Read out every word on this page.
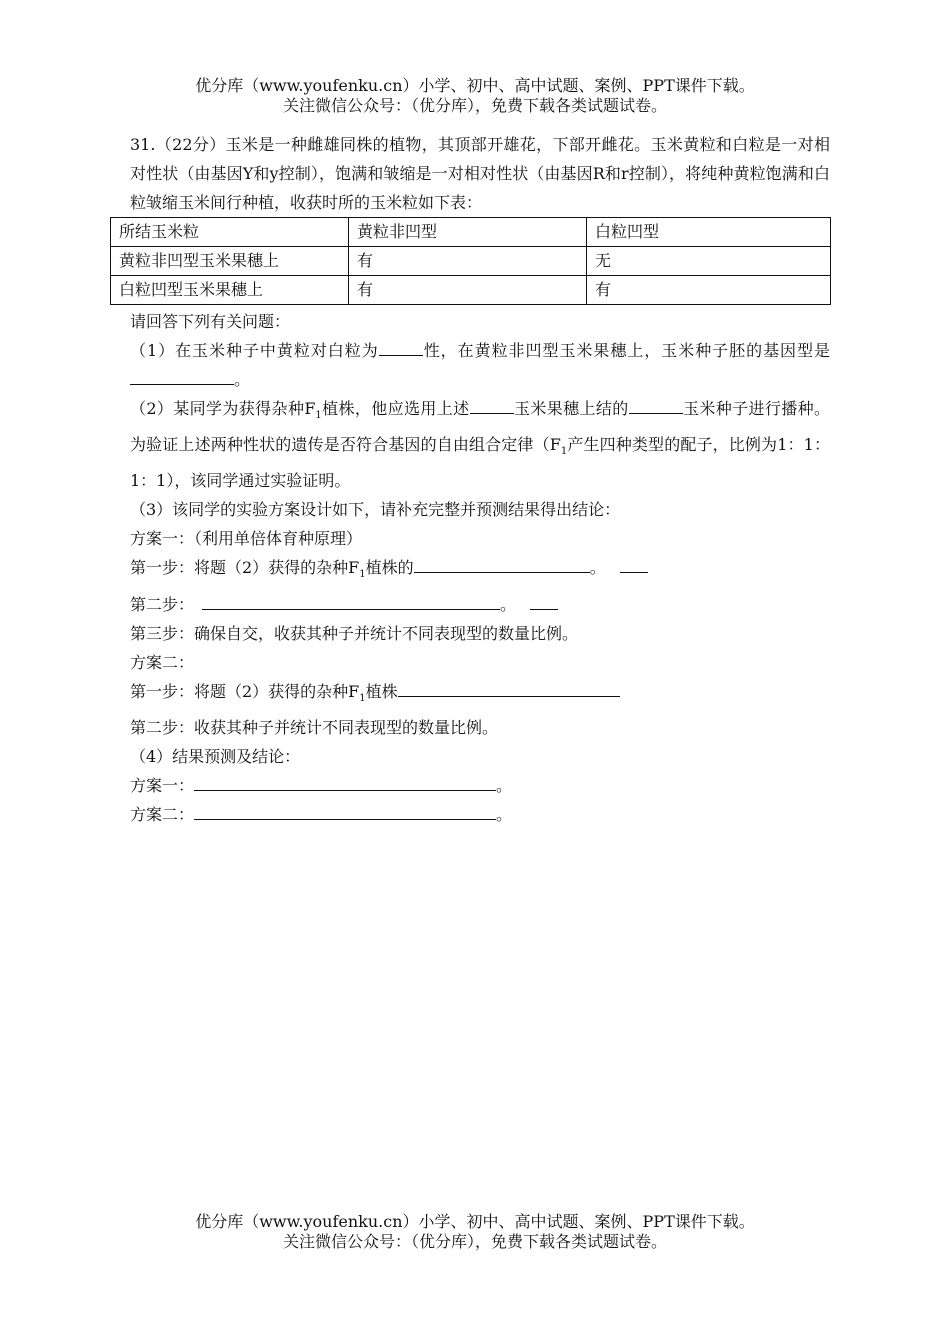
优分库（www.youfenku.cn）小学、初中、高中试题、案例、PPT课件下载。
关注微信公众号：（优分库），免费下载各类试题试卷。

31.（22分）玉米是一种雌雄同株的植物，其顶部开雄花，下部开雌花。玉米黄粒和白粒是一对相对性状（由基因Y和y控制），饱满和皱缩是一对相对性状（由基因R和r控制），将纯种黄粒饱满和白粒皱缩玉米间行种植，收获时所的玉米粒如下表：

所结玉米粒	黄粒非凹型	白粒凹型
黄粒非凹型玉米果穗上	有	无
白粒凹型玉米果穗上	有	有

请回答下列有关问题：

（1）在玉米种子中黄粒对白粒为	性，在黄粒非凹型玉米果穗上，玉米种子胚的基因型是。

（2）某同学为获得杂种$F_1$植株，他应选用上述	玉米果穗上结的	玉米种子进行播种。为验证上述两种性状的遗传是否符合基因的自由组合定律（$F_1$产生四种类型的配子，比例为1：1：1：1），该同学通过实验证明。

（3）该同学的实验方案设计如下，请补充完整并预测结果得出结论：

方案一：（利用单倍体育种原理）

第一步：将题（2）获得的杂种$F_1$植株的	。

第二步：	。

第三步：确保自交，收获其种子并统计不同表现型的数量比例。

方案二：

第一步：将题（2）获得的杂种$F_1$植株

第二步：收获其种子并统计不同表现型的数量比例。

（4）结果预测及结论：

方案一：	。

方案二：	。

优分库（www.youfenku.cn）小学、初中、高中试题、案例、PPT课件下载。
关注微信公众号：（优分库），免费下载各类试题试卷。
